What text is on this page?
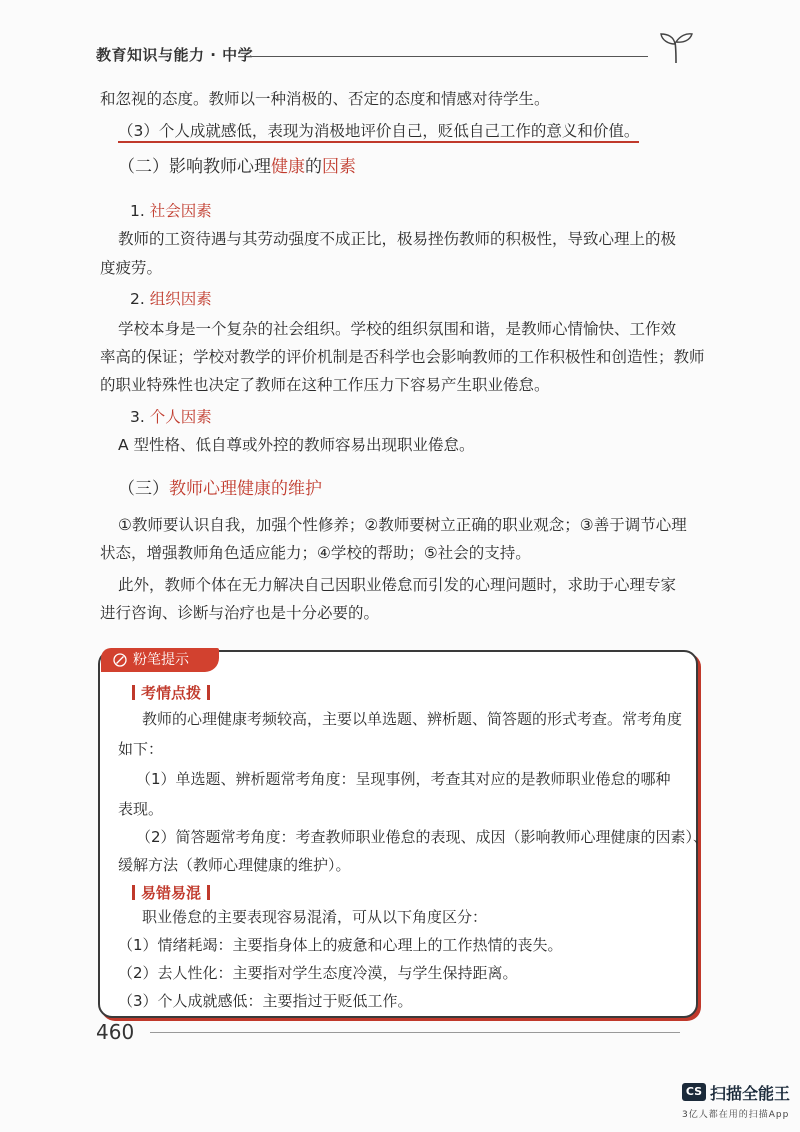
教育知识与能力 · 中学
和忽视的态度。教师以一种消极的、否定的态度和情感对待学生。
（3）个人成就感低，表现为消极地评价自己，贬低自己工作的意义和价值。
（二）影响教师心理健康的因素
1. 社会因素
教师的工资待遇与其劳动强度不成正比，极易挫伤教师的积极性，导致心理上的极
度疲劳。
2. 组织因素
学校本身是一个复杂的社会组织。学校的组织氛围和谐，是教师心情愉快、工作效
率高的保证；学校对教学的评价机制是否科学也会影响教师的工作积极性和创造性；教师
的职业特殊性也决定了教师在这种工作压力下容易产生职业倦怠。
3. 个人因素
A 型性格、低自尊或外控的教师容易出现职业倦怠。
（三）教师心理健康的维护
①教师要认识自我，加强个性修养；②教师要树立正确的职业观念；③善于调节心理
状态，增强教师角色适应能力；④学校的帮助；⑤社会的支持。
此外，教师个体在无力解决自己因职业倦怠而引发的心理问题时，求助于心理专家
进行咨询、诊断与治疗也是十分必要的。
粉笔提示
考情点拨
教师的心理健康考频较高，主要以单选题、辨析题、简答题的形式考查。常考角度
如下：
（1）单选题、辨析题常考角度：呈现事例，考查其对应的是教师职业倦怠的哪种
表现。
（2）简答题常考角度：考查教师职业倦怠的表现、成因（影响教师心理健康的因素）、
缓解方法（教师心理健康的维护）。
易错易混
职业倦怠的主要表现容易混淆，可从以下角度区分：
（1）情绪耗竭：主要指身体上的疲惫和心理上的工作热情的丧失。
（2）去人性化：主要指对学生态度冷漠，与学生保持距离。
（3）个人成就感低：主要指过于贬低工作。
460
CS 扫描全能王
3亿人都在用的扫描App
